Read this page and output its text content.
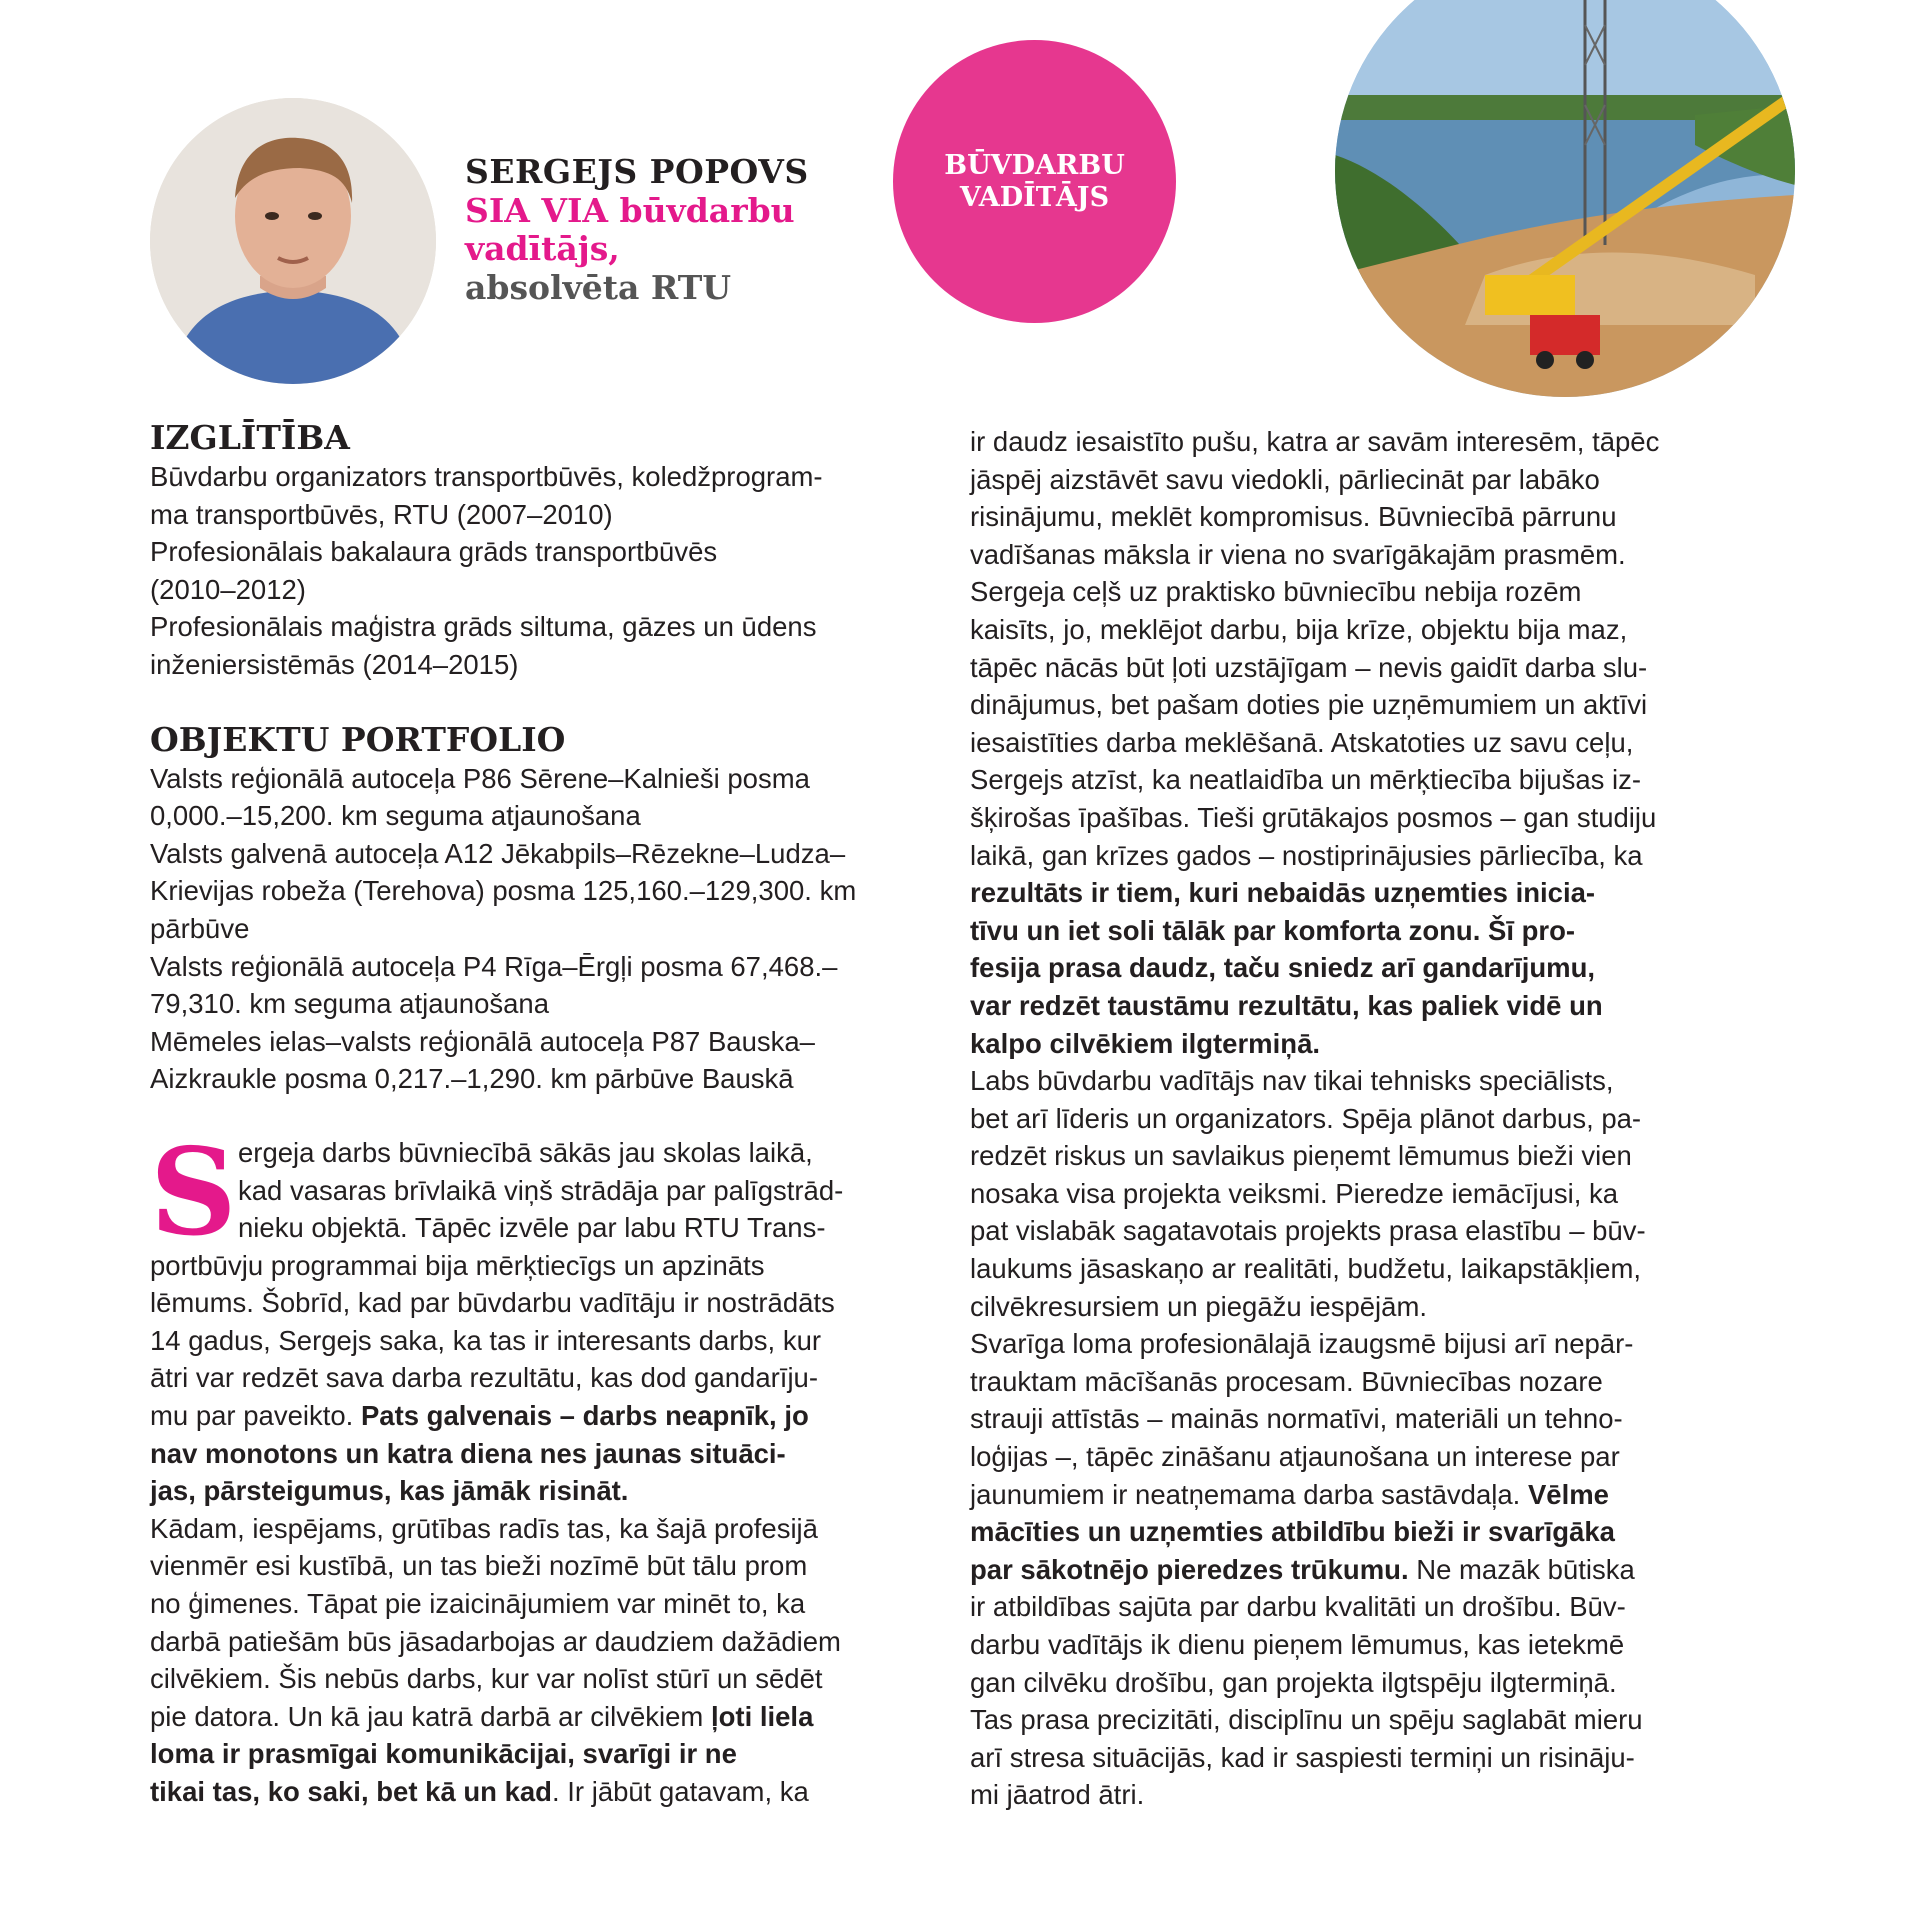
SERGEJS POPOVS
SIA VIA būvdarbu
vadītājs,
absolvēta RTU
BŪVDARBU
VADĪTĀJS
IZGLĪTĪBA
Būvdarbu organizators transportbūvēs, koledžprogram-
ma transportbūvēs, RTU (2007–2010)
Profesionālais bakalaura grāds transportbūvēs
(2010–2012)
Profesionālais maģistra grāds siltuma, gāzes un ūdens
inženiersistēmās (2014–2015)
OBJEKTU PORTFOLIO
Valsts reģionālā autoceļa P86 Sērene–Kalnieši posma
0,000.–15,200. km seguma atjaunošana
Valsts galvenā autoceļa A12 Jēkabpils–Rēzekne–Ludza–
Krievijas robeža (Terehova) posma 125,160.–129,300. km
pārbūve
Valsts reģionālā autoceļa P4 Rīga–Ērgļi posma 67,468.–
79,310. km seguma atjaunošana
Mēmeles ielas–valsts reģionālā autoceļa P87 Bauska–
Aizkraukle posma 0,217.–1,290. km pārbūve Bauskā
S ergeja darbs būvniecībā sākās jau skolas laikā,
kad vasaras brīvlaikā viņš strādāja par palīgstrād-
nieku objektā. Tāpēc izvēle par labu RTU Trans-
portbūvju programmai bija mērķtiecīgs un apzināts
lēmums. Šobrīd, kad par būvdarbu vadītāju ir nostrādāts
14 gadus, Sergejs saka, ka tas ir interesants darbs, kur
ātri var redzēt sava darba rezultātu, kas dod gandarīju-
mu par paveikto. Pats galvenais – darbs neapnīk, jo
nav monotons un katra diena nes jaunas situāci-
jas, pārsteigumus, kas jāmāk risināt.
Kādam, iespējams, grūtības radīs tas, ka šajā profesijā
vienmēr esi kustībā, un tas bieži nozīmē būt tālu prom
no ģimenes. Tāpat pie izaicinājumiem var minēt to, ka
darbā patiešām būs jāsadarbojas ar daudziem dažādiem
cilvēkiem. Šis nebūs darbs, kur var nolīst stūrī un sēdēt
pie datora. Un kā jau katrā darbā ar cilvēkiem ļoti liela
loma ir prasmīgai komunikācijai, svarīgi ir ne
tikai tas, ko saki, bet kā un kad. Ir jābūt gatavam, ka
ir daudz iesaistīto pušu, katra ar savām interesēm, tāpēc
jāspēj aizstāvēt savu viedokli, pārliecināt par labāko
risinājumu, meklēt kompromisus. Būvniecībā pārrunu
vadīšanas māksla ir viena no svarīgākajām prasmēm.
Sergeja ceļš uz praktisko būvniecību nebija rozēm
kaisīts, jo, meklējot darbu, bija krīze, objektu bija maz,
tāpēc nācās būt ļoti uzstājīgam – nevis gaidīt darba slu-
dinājumus, bet pašam doties pie uzņēmumiem un aktīvi
iesaistīties darba meklēšanā. Atskatoties uz savu ceļu,
Sergejs atzīst, ka neatlaidība un mērķtiecība bijušas iz-
šķirošas īpašības. Tieši grūtākajos posmos – gan studiju
laikā, gan krīzes gados – nostiprinājusies pārliecība, ka
rezultāts ir tiem, kuri nebaidās uzņemties inicia-
tīvu un iet soli tālāk par komforta zonu. Šī pro-
fesija prasa daudz, taču sniedz arī gandarījumu,
var redzēt taustāmu rezultātu, kas paliek vidē un
kalpo cilvēkiem ilgtermiņā.
Labs būvdarbu vadītājs nav tikai tehnisks speciālists,
bet arī līderis un organizators. Spēja plānot darbus, pa-
redzēt riskus un savlaikus pieņemt lēmumus bieži vien
nosaka visa projekta veiksmi. Pieredze iemācījusi, ka
pat vislabāk sagatavotais projekts prasa elastību – būv-
laukums jāsaskaņo ar realitāti, budžetu, laikapstākļiem,
cilvēkresursiem un piegāžu iespējām.
Svarīga loma profesionālajā izaugsmē bijusi arī nepār-
trauktam mācīšanās procesam. Būvniecības nozare
strauji attīstās – mainās normatīvi, materiāli un tehno-
loģijas –, tāpēc zināšanu atjaunošana un interese par
jaunumiem ir neatņemama darba sastāvdaļa. Vēlme
mācīties un uzņemties atbildību bieži ir svarīgāka
par sākotnējo pieredzes trūkumu. Ne mazāk būtiska
ir atbildības sajūta par darbu kvalitāti un drošību. Būv-
darbu vadītājs ik dienu pieņem lēmumus, kas ietekmē
gan cilvēku drošību, gan projekta ilgtspēju ilgtermiņā.
Tas prasa precizitāti, disciplīnu un spēju saglabāt mieru
arī stresa situācijās, kad ir saspiesti termiņi un risināju-
mi jāatrod ātri.
